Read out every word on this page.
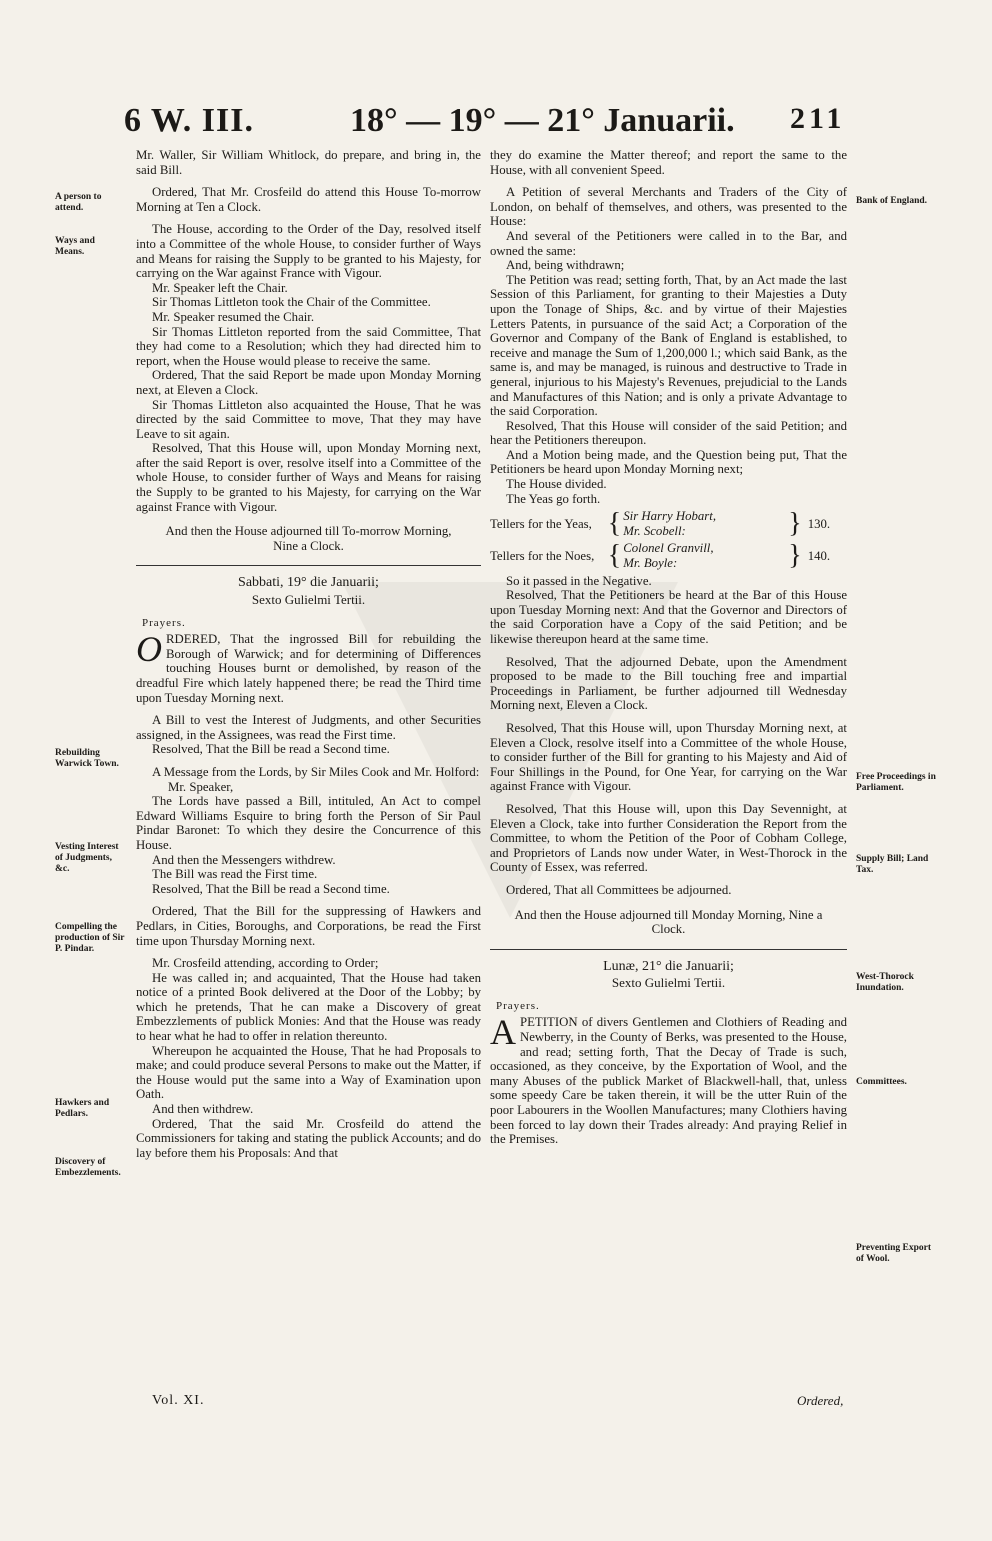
6 W. III.	18° — 19° — 21° Januarii. 211
A person to attend.
Ways and Means.
Rebuilding Warwick Town.
Vesting Interest of Judgments, &c.
Compelling the production of Sir P. Pindar.
Hawkers and Pedlars.
Discovery of Embezzlements.
Bank of England.
Free Proceedings in Parliament.
Supply Bill; Land Tax.
West-Thorock Inundation.
Committees.
Preventing Export of Wool.

Mr. Waller, Sir William Whitlock, do prepare, and bring in, the said Bill.

Ordered, That Mr. Crosfeild do attend this House To-morrow Morning at Ten a Clock.

The House, according to the Order of the Day, resolved itself into a Committee of the whole House, to consider further of Ways and Means for raising the Supply to be granted to his Majesty, for carrying on the War against France with Vigour.

Mr. Speaker left the Chair.

Sir Thomas Littleton took the Chair of the Committee.

Mr. Speaker resumed the Chair.

Sir Thomas Littleton reported from the said Committee, That they had come to a Resolution; which they had directed him to report, when the House would please to receive the same.

Ordered, That the said Report be made upon Monday Morning next, at Eleven a Clock.

Sir Thomas Littleton also acquainted the House, That he was directed by the said Committee to move, That they may have Leave to sit again.

Resolved, That this House will, upon Monday Morning next, after the said Report is over, resolve itself into a Committee of the whole House, to consider further of Ways and Means for raising the Supply to be granted to his Majesty, for carrying on the War against France with Vigour.

And then the House adjourned till To-morrow Morning, Nine a Clock.

Sabbati, 19° die Januarii;
Sexto Gulielmi Tertii.
Prayers.

ORDERED, That the ingrossed Bill for rebuilding the Borough of Warwick; and for determining of Differences touching Houses burnt or demolished, by reason of the dreadful Fire which lately happened there; be read the Third time upon Tuesday Morning next.

A Bill to vest the Interest of Judgments, and other Securities assigned, in the Assignees, was read the First time.

Resolved, That the Bill be read a Second time.

A Message from the Lords, by Sir Miles Cook and Mr. Holford:

Mr. Speaker,

The Lords have passed a Bill, intituled, An Act to compel Edward Williams Esquire to bring forth the Person of Sir Paul Pindar Baronet: To which they desire the Concurrence of this House.

And then the Messengers withdrew.

The Bill was read the First time.

Resolved, That the Bill be read a Second time.

Ordered, That the Bill for the suppressing of Hawkers and Pedlars, in Cities, Boroughs, and Corporations, be read the First time upon Thursday Morning next.

Mr. Crosfeild attending, according to Order;

He was called in; and acquainted, That the House had taken notice of a printed Book delivered at the Door of the Lobby; by which he pretends, That he can make a Discovery of great Embezzlements of publick Monies: And that the House was ready to hear what he had to offer in relation thereunto.

Whereupon he acquainted the House, That he had Proposals to make; and could produce several Persons to make out the Matter, if the House would put the same into a Way of Examination upon Oath.

And then withdrew.

Ordered, That the said Mr. Crosfeild do attend the Commissioners for taking and stating the publick Accounts; and do lay before them his Proposals: And that

they do examine the Matter thereof; and report the same to the House, with all convenient Speed.

A Petition of several Merchants and Traders of the City of London, on behalf of themselves, and others, was presented to the House:

And several of the Petitioners were called in to the Bar, and owned the same:

And, being withdrawn;

The Petition was read; setting forth, That, by an Act made the last Session of this Parliament, for granting to their Majesties a Duty upon the Tonage of Ships, &c. and by virtue of their Majesties Letters Patents, in pursuance of the said Act; a Corporation of the Governor and Company of the Bank of England is established, to receive and manage the Sum of 1,200,000 l.; which said Bank, as the same is, and may be managed, is ruinous and destructive to Trade in general, injurious to his Majesty's Revenues, prejudicial to the Lands and Manufactures of this Nation; and is only a private Advantage to the said Corporation.

Resolved, That this House will consider of the said Petition; and hear the Petitioners thereupon.

And a Motion being made, and the Question being put, That the Petitioners be heard upon Monday Morning next;

The House divided.

The Yeas go forth.

Tellers for the Yeas, { Sir Harry Hobart,
Mr. Scobell:	} 130.
Tellers for the Noes, { Colonel Granvill,
Mr. Boyle:	} 140.

So it passed in the Negative.

Resolved, That the Petitioners be heard at the Bar of this House upon Tuesday Morning next: And that the Governor and Directors of the said Corporation have a Copy of the said Petition; and be likewise thereupon heard at the same time.

Resolved, That the adjourned Debate, upon the Amendment proposed to be made to the Bill touching free and impartial Proceedings in Parliament, be further adjourned till Wednesday Morning next, Eleven a Clock.

Resolved, That this House will, upon Thursday Morning next, at Eleven a Clock, resolve itself into a Committee of the whole House, to consider further of the Bill for granting to his Majesty and Aid of Four Shillings in the Pound, for One Year, for carrying on the War against France with Vigour.

Resolved, That this House will, upon this Day Sevennight, at Eleven a Clock, take into further Consideration the Report from the Committee, to whom the Petition of the Poor of Cobham College, and Proprietors of Lands now under Water, in West-Thorock in the County of Essex, was referred.

Ordered, That all Committees be adjourned.

And then the House adjourned till Monday Morning, Nine a Clock.

Lunæ, 21° die Januarii;
Sexto Gulielmi Tertii.
Prayers.

APETITION of divers Gentlemen and Clothiers of Reading and Newberry, in the County of Berks, was presented to the House, and read; setting forth, That the Decay of Trade is such, occasioned, as they conceive, by the Exportation of Wool, and the many Abuses of the publick Market of Blackwell-hall, that, unless some speedy Care be taken therein, it will be the utter Ruin of the poor Labourers in the Woollen Manufactures; many Clothiers having been forced to lay down their Trades already: And praying Relief in the Premises.

Vol. XI.	Ordered,
